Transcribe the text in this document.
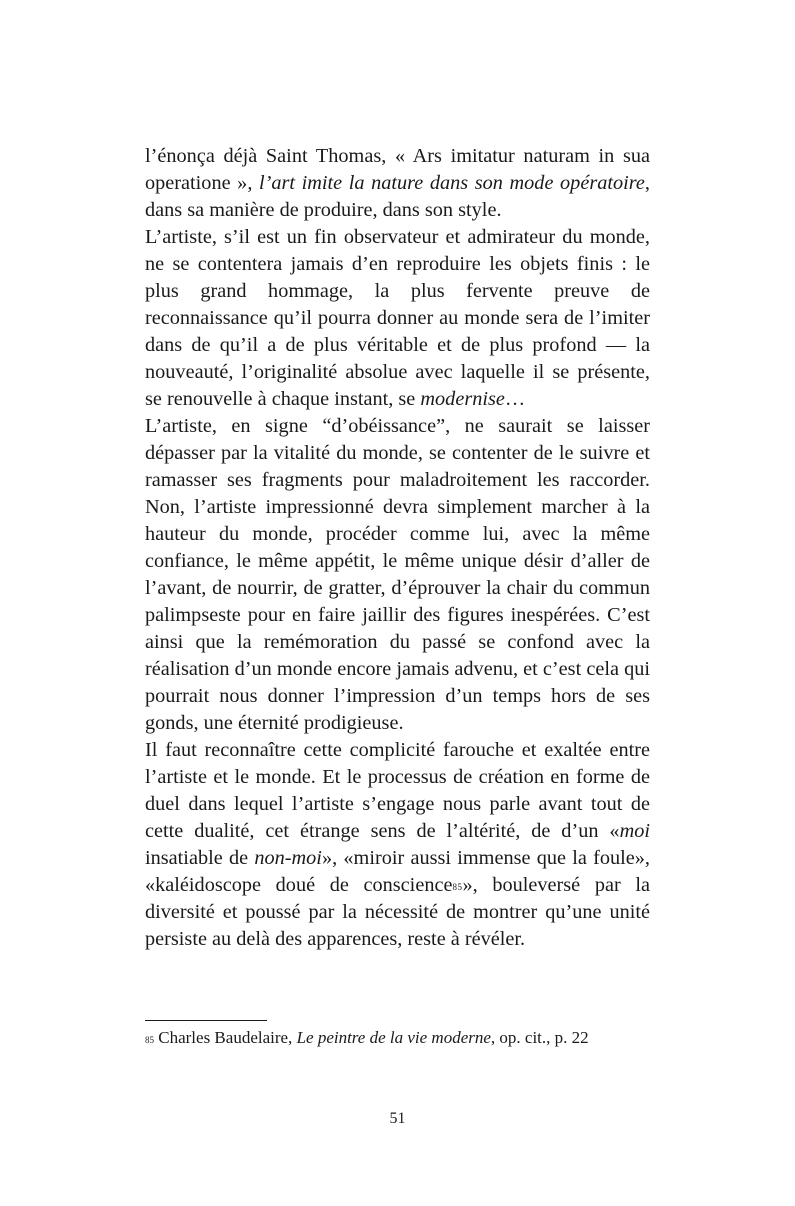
l’énonça déjà Saint Thomas, « Ars imitatur naturam in sua operatione », l’art imite la nature dans son mode opératoire, dans sa manière de produire, dans son style.

L’artiste, s’il est un fin observateur et admirateur du monde, ne se contentera jamais d’en reproduire les objets finis : le plus grand hommage, la plus fervente preuve de reconnaissance qu’il pourra donner au monde sera de l’imiter dans de qu’il a de plus véritable et de plus profond — la nouveauté, l’originalité absolue avec laquelle il se présente, se renouvelle à chaque instant, se modernise…

L’artiste, en signe “d’obéissance”, ne saurait se laisser dépasser par la vitalité du monde, se contenter de le suivre et ramasser ses fragments pour maladroitement les raccorder. Non, l’artiste impressionné devra simplement marcher à la hauteur du monde, procéder comme lui, avec la même confiance, le même appétit, le même unique désir d’aller de l’avant, de nourrir, de gratter, d’éprouver la chair du commun palimpseste pour en faire jaillir des figures inespérées. C’est ainsi que la remémoration du passé se confond avec la réalisation d’un monde encore jamais advenu, et c’est cela qui pourrait nous donner l’impression d’un temps hors de ses gonds, une éternité prodigieuse.

Il faut reconnaître cette complicité farouche et exaltée entre l’artiste et le monde. Et le processus de création en forme de duel dans lequel l’artiste s’engage nous parle avant tout de cette dualité, cet étrange sens de l’altérité, de d’un «moi insatiable de non-moi», «miroir aussi immense que la foule», «kaléidoscope doué de conscience$^{85}$», bouleversé par la diversité et poussé par la nécessité de montrer qu’une unité persiste au delà des apparences, reste à révéler.

$^{85}$ Charles Baudelaire, Le peintre de la vie moderne, op. cit., p. 22
51
